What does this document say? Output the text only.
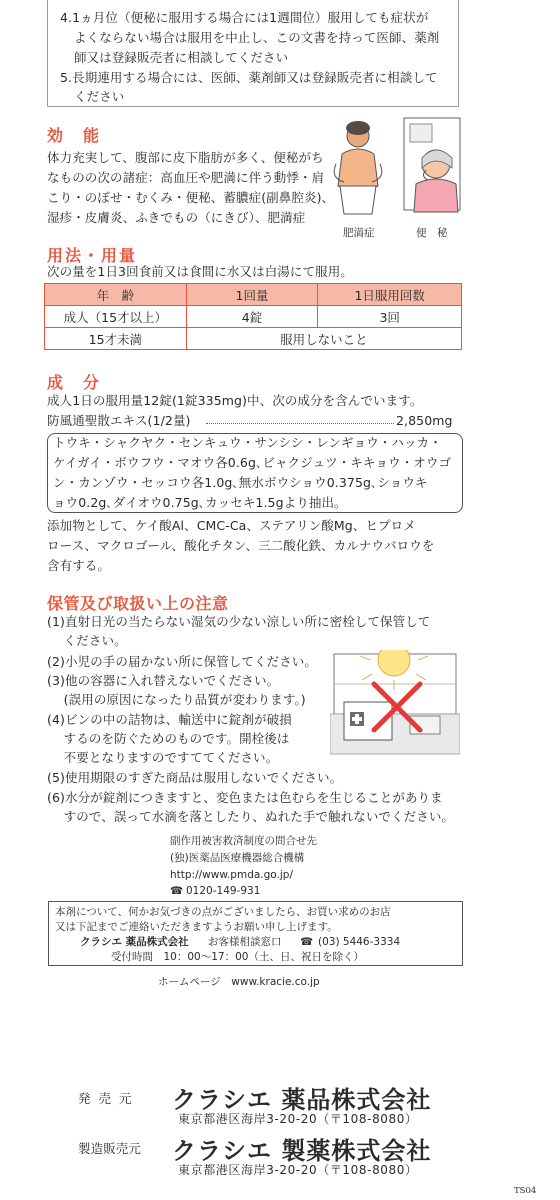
4.1ヵ月位（便秘に服用する場合には1週間位）服用しても症状が
よくならない場合は服用を中止し、この文書を持って医師、薬剤
師又は登録販売者に相談してください
5.長期連用する場合には、医師、薬剤師又は登録販売者に相談して
ください
効　能
体力充実して、腹部に皮下脂肪が多く、便秘がち
なものの次の諸症：高血圧や肥満に伴う動悸・肩
こり・のぼせ・むくみ・便秘、蓄膿症(副鼻腔炎)、
湿疹・皮膚炎、ふきでもの（にきび）、肥満症
肥満症	便　秘
用法・用量
次の量を1日3回食前又は食間に水又は白湯にて服用。
年　齢	1回量	1日服用回数
成人（15才以上）	4錠	3回
15才未満	服用しないこと	
成　分
成人1日の服用量12錠(1錠335mg)中、次の成分を含んでいます。
防風通聖散エキス(1/2量)	2,850mg
トウキ・シャクヤク・センキュウ・サンシシ・レンギョウ・ハッカ・
ケイガイ・ボウフウ・マオウ各0.6g､ビャクジュツ・キキョウ・オウゴ
ン・カンゾウ・セッコウ各1.0g､無水ボウショウ0.375g､ショウキ
ョウ0.2g､ダイオウ0.75g､カッセキ1.5gより抽出。
添加物として、ケイ酸Al、CMC-Ca、ステアリン酸Mg、ヒプロメ
ロース、マクロゴール、酸化チタン、三二酸化鉄、カルナウバロウを
含有する。
保管及び取扱い上の注意
(1)直射日光の当たらない湿気の少ない涼しい所に密栓して保管して
　 ください。
(2)小児の手の届かない所に保管してください。
(3)他の容器に入れ替えないでください。
　 (誤用の原因になったり品質が変わります。)
(4)ビンの中の詰物は、輸送中に錠剤が破損
　 するのを防ぐためのものです。開栓後は
　 不要となりますのですててください。
(5)使用期限のすぎた商品は服用しないでください。
(6)水分が錠剤につきますと、変色または色むらを生じることがありま
　 すので、誤って水滴を落としたり、ぬれた手で触れないでください。
副作用被害救済制度の問合せ先
(独)医薬品医療機器総合機構
http://www.pmda.go.jp/
☎ 0120-149-931
本剤について、何かお気づきの点がございましたら、お買い求めのお店
又は下記までご連絡いただきますようお願い申し上げます。
クラシエ 薬品株式会社 お客様相談窓口 ☎ (03) 5446-3334
受付時間　10：00～17：00（土、日、祝日を除く）
ホームページ　www.kracie.co.jp
発 売 元 クラシエ 薬品株式会社
東京都港区海岸3-20-20（〒108-8080）
製造販売元 クラシエ 製薬株式会社
東京都港区海岸3-20-20（〒108-8080）
TS04
